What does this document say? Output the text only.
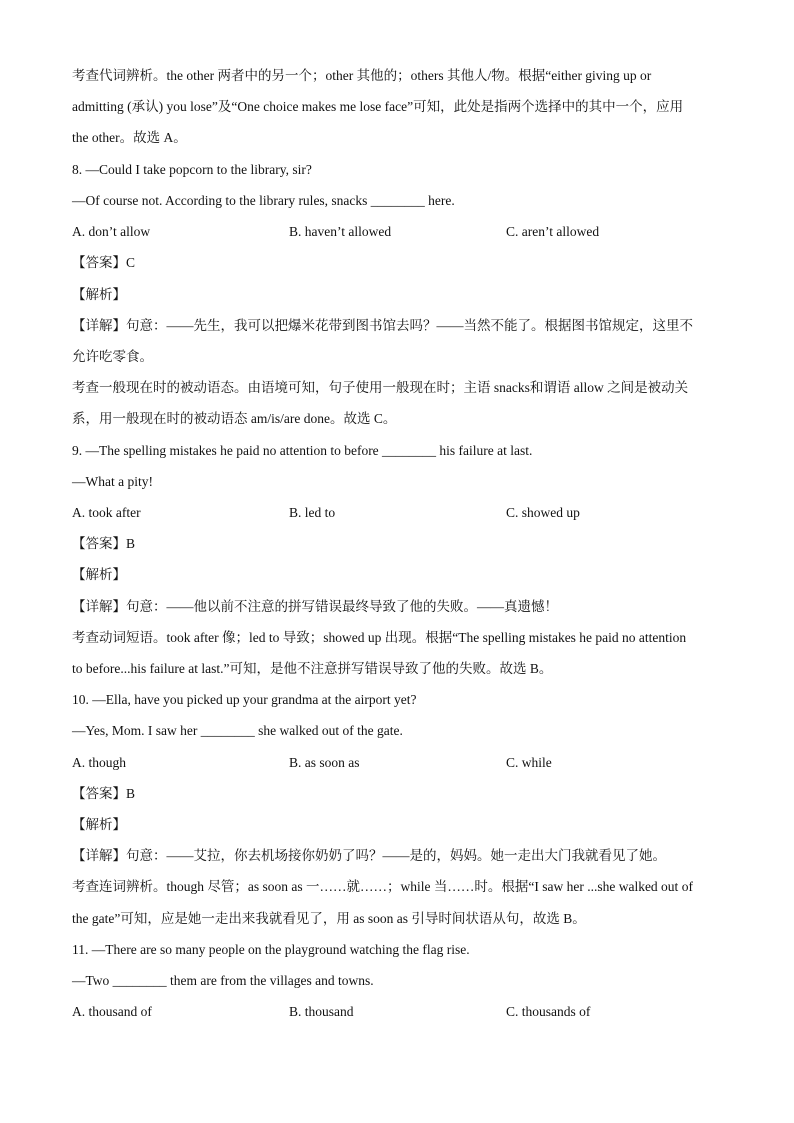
考查代词辨析。the other 两者中的另一个；other 其他的；others 其他人/物。根据“either giving up or
admitting (承认) you lose”及“One choice makes me lose face”可知，此处是指两个选择中的其中一个，应用
the other。故选 A。
8. —Could I take popcorn to the library, sir?
—Of course not. According to the library rules, snacks ________ here.
A. don’t allow	B. haven’t allowed	C. aren’t allowed
【答案】C
【解析】
【详解】句意：——先生，我可以把爆米花带到图书馆去吗？——当然不能了。根据图书馆规定，这里不
允许吃零食。
考查一般现在时的被动语态。由语境可知，句子使用一般现在时；主语 snacks和谓语 allow 之间是被动关
系，用一般现在时的被动语态 am/is/are done。故选 C。
9. —The spelling mistakes he paid no attention to before ________ his failure at last.
—What a pity!
A. took after	B. led to	C. showed up
【答案】B
【解析】
【详解】句意：——他以前不注意的拼写错误最终导致了他的失败。——真遗憾！
考查动词短语。took after 像；led to 导致；showed up 出现。根据“The spelling mistakes he paid no attention
to before...his failure at last.”可知，是他不注意拼写错误导致了他的失败。故选 B。
10. —Ella, have you picked up your grandma at the airport yet?
—Yes, Mom. I saw her ________ she walked out of the gate.
A. though	B. as soon as	C. while
【答案】B
【解析】
【详解】句意：——艾拉，你去机场接你奶奶了吗？——是的，妈妈。她一走出大门我就看见了她。
考查连词辨析。though 尽管；as soon as 一……就……；while 当……时。根据“I saw her ...she walked out of
the gate”可知，应是她一走出来我就看见了，用 as soon as 引导时间状语从句，故选 B。
11. —There are so many people on the playground watching the flag rise.
—Two ________ them are from the villages and towns.
A. thousand of	B. thousand	C. thousands of
